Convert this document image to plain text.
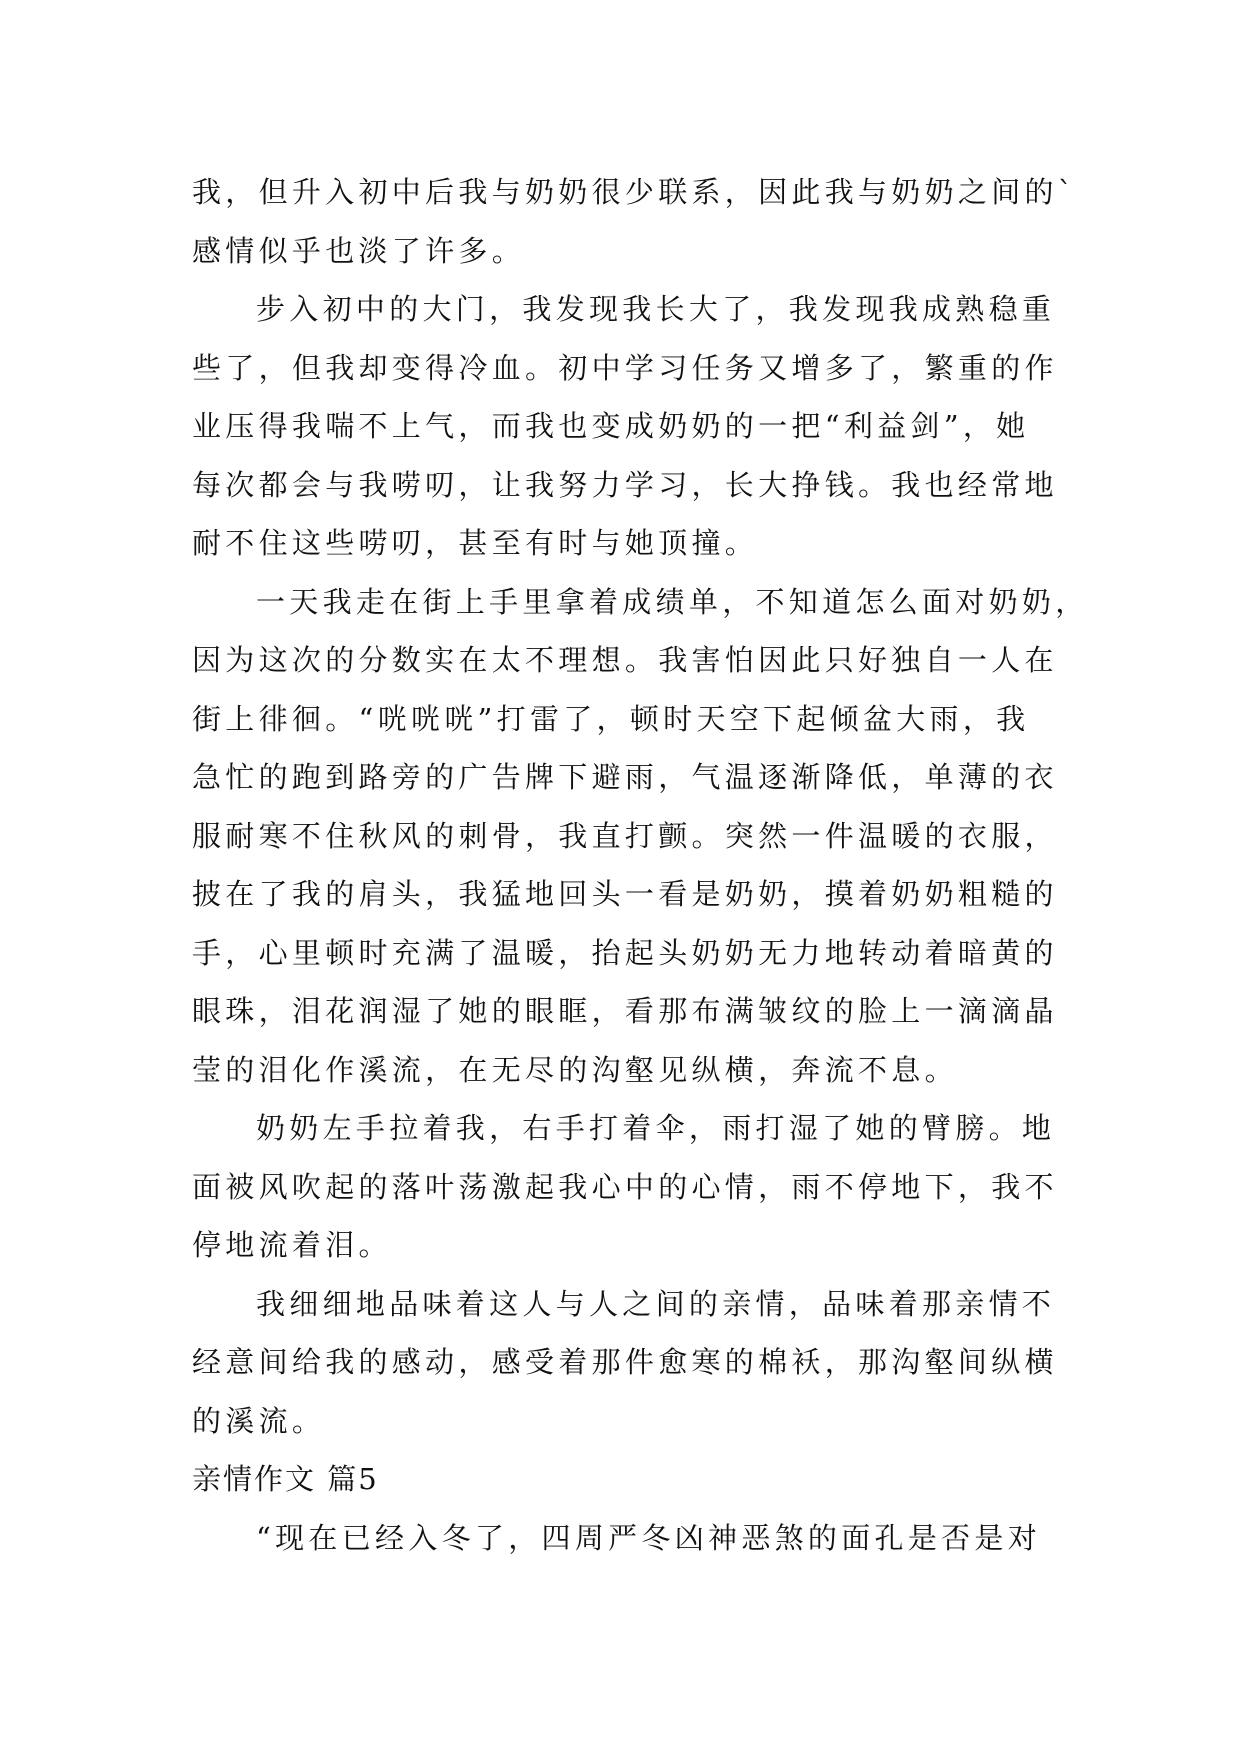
我，但升入初中后我与奶奶很少联系，因此我与奶奶之间的`
感情似乎也淡了许多。
步入初中的大门，我发现我长大了，我发现我成熟稳重
些了，但我却变得冷血。初中学习任务又增多了，繁重的作
业压得我喘不上气，而我也变成奶奶的一把“利益剑”，她
每次都会与我唠叨，让我努力学习，长大挣钱。我也经常地
耐不住这些唠叨，甚至有时与她顶撞。
一天我走在街上手里拿着成绩单，不知道怎么面对奶奶，
因为这次的分数实在太不理想。我害怕因此只好独自一人在
街上徘徊。“咣咣咣”打雷了，顿时天空下起倾盆大雨，我
急忙的跑到路旁的广告牌下避雨，气温逐渐降低，单薄的衣
服耐寒不住秋风的刺骨，我直打颤。突然一件温暖的衣服，
披在了我的肩头，我猛地回头一看是奶奶，摸着奶奶粗糙的
手，心里顿时充满了温暖，抬起头奶奶无力地转动着暗黄的
眼珠，泪花润湿了她的眼眶，看那布满皱纹的脸上一滴滴晶
莹的泪化作溪流，在无尽的沟壑见纵横，奔流不息。
奶奶左手拉着我，右手打着伞，雨打湿了她的臂膀。地
面被风吹起的落叶荡激起我心中的心情，雨不停地下，我不
停地流着泪。
我细细地品味着这人与人之间的亲情，品味着那亲情不
经意间给我的感动，感受着那件愈寒的棉袄，那沟壑间纵横
的溪流。
亲情作文 篇5
“现在已经入冬了，四周严冬凶神恶煞的面孔是否是对
